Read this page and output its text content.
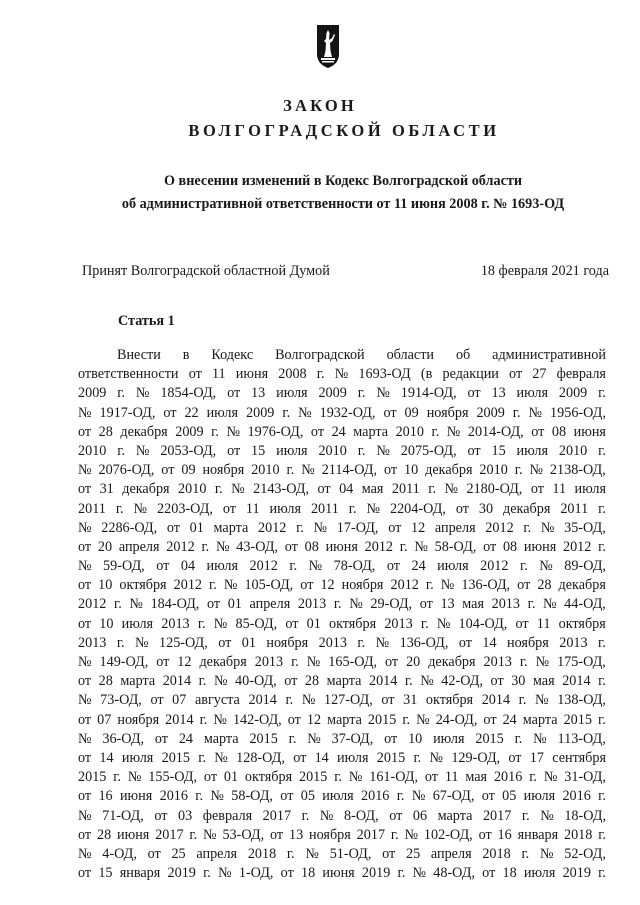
ЗАКОН
ВОЛГОГРАДСКОЙ ОБЛАСТИ
О внесении изменений в Кодекс Волгоградской области
об административной ответственности от 11 июня 2008 г. № 1693-ОД
Принят Волгоградской областной Думой	18 февраля 2021 года
Статья 1
Внести в Кодекс Волгоградской области об административной
ответственности от 11 июня 2008 г. № 1693-ОД (в редакции от 27 февраля
2009 г. № 1854-ОД, от 13 июля 2009 г. № 1914-ОД, от 13 июля 2009 г.
№ 1917-ОД, от 22 июля 2009 г. № 1932-ОД, от 09 ноября 2009 г. № 1956-ОД,
от 28 декабря 2009 г. № 1976-ОД, от 24 марта 2010 г. № 2014-ОД, от 08 июня
2010 г. № 2053-ОД, от 15 июля 2010 г. № 2075-ОД, от 15 июля 2010 г.
№ 2076-ОД, от 09 ноября 2010 г. № 2114-ОД, от 10 декабря 2010 г. № 2138-ОД,
от 31 декабря 2010 г. № 2143-ОД, от 04 мая 2011 г. № 2180-ОД, от 11 июля
2011 г. № 2203-ОД, от 11 июля 2011 г. № 2204-ОД, от 30 декабря 2011 г.
№ 2286-ОД, от 01 марта 2012 г. № 17-ОД, от 12 апреля 2012 г. № 35-ОД,
от 20 апреля 2012 г. № 43-ОД, от 08 июня 2012 г. № 58-ОД, от 08 июня 2012 г.
№ 59-ОД, от 04 июля 2012 г. № 78-ОД, от 24 июля 2012 г. № 89-ОД,
от 10 октября 2012 г. № 105-ОД, от 12 ноября 2012 г. № 136-ОД, от 28 декабря
2012 г. № 184-ОД, от 01 апреля 2013 г. № 29-ОД, от 13 мая 2013 г. № 44-ОД,
от 10 июля 2013 г. № 85-ОД, от 01 октября 2013 г. № 104-ОД, от 11 октября
2013 г. № 125-ОД, от 01 ноября 2013 г. № 136-ОД, от 14 ноября 2013 г.
№ 149-ОД, от 12 декабря 2013 г. № 165-ОД, от 20 декабря 2013 г. № 175-ОД,
от 28 марта 2014 г. № 40-ОД, от 28 марта 2014 г. № 42-ОД, от 30 мая 2014 г.
№ 73-ОД, от 07 августа 2014 г. № 127-ОД, от 31 октября 2014 г. № 138-ОД,
от 07 ноября 2014 г. № 142-ОД, от 12 марта 2015 г. № 24-ОД, от 24 марта 2015 г.
№ 36-ОД, от 24 марта 2015 г. № 37-ОД, от 10 июля 2015 г. № 113-ОД,
от 14 июля 2015 г. № 128-ОД, от 14 июля 2015 г. № 129-ОД, от 17 сентября
2015 г. № 155-ОД, от 01 октября 2015 г. № 161-ОД, от 11 мая 2016 г. № 31-ОД,
от 16 июня 2016 г. № 58-ОД, от 05 июля 2016 г. № 67-ОД, от 05 июля 2016 г.
№ 71-ОД, от 03 февраля 2017 г. № 8-ОД, от 06 марта 2017 г. № 18-ОД,
от 28 июня 2017 г. № 53-ОД, от 13 ноября 2017 г. № 102-ОД, от 16 января 2018 г.
№ 4-ОД, от 25 апреля 2018 г. № 51-ОД, от 25 апреля 2018 г. № 52-ОД,
от 15 января 2019 г. № 1-ОД, от 18 июня 2019 г. № 48-ОД, от 18 июля 2019 г.
